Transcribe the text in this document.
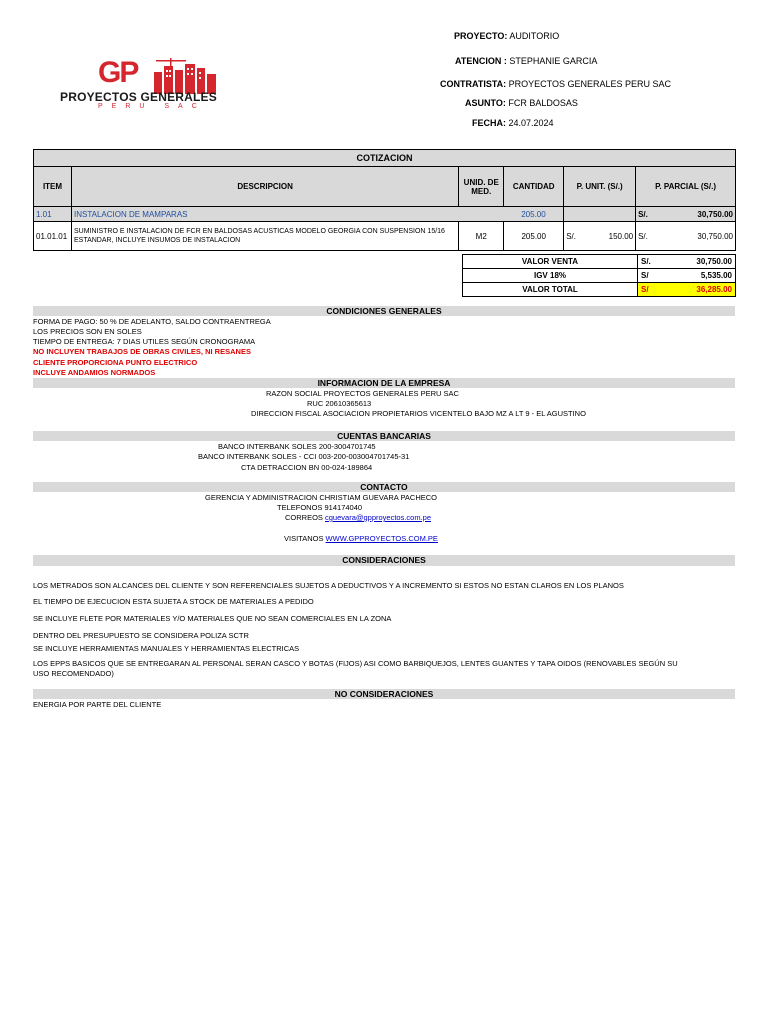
GP
PROYECTOS GENERALES
PERU SAC
PROYECTO: AUDITORIO
ATENCION : STEPHANIE GARCIA
CONTRATISTA: PROYECTOS GENERALES PERU SAC
ASUNTO: FCR BALDOSAS
FECHA: 24.07.2024
COTIZACION					
ITEM	DESCRIPCION	UNID. DE MED.	CANTIDAD	P. UNIT. (S/.)	P. PARCIAL (S/.)
1.01	INSTALACION DE MAMPARAS		205.00		S/. 30,750.00

01.01.01	SUMINISTRO E INSTALACION DE FCR EN BALDOSAS ACUSTICAS MODELO GEORGIA CON SUSPENSION 15/16 ESTANDAR, INCLUYE INSUMOS DE INSTALACION	M2	205.00	S/. 150.00	S/. 30,750.00
VALOR VENTA	S/. 30,750.00

IGV 18%	S/ 5,535.00

VALOR TOTAL	S/ 36,285.00
CONDICIONES GENERALES
FORMA DE PAGO: 50 % DE ADELANTO, SALDO CONTRAENTREGA
LOS PRECIOS SON EN SOLES
TIEMPO DE ENTREGA: 7 DIAS UTILES SEGÚN CRONOGRAMA
NO INCLUYEN TRABAJOS DE OBRAS CIVILES, NI RESANES
CLIENTE PROPORCIONA PUNTO ELECTRICO
INCLUYE ANDAMIOS NORMADOS
INFORMACION DE LA EMPRESA
RAZON SOCIAL PROYECTOS GENERALES PERU SAC
RUC 20610365613
DIRECCION FISCAL ASOCIACION PROPIETARIOS VICENTELO BAJO MZ A LT 9 - EL AGUSTINO
CUENTAS BANCARIAS
BANCO INTERBANK SOLES 200-3004701745
BANCO INTERBANK SOLES - CCI 003-200-003004701745-31
CTA DETRACCION BN 00-024-189864
CONTACTO
GERENCIA Y ADMINISTRACION CHRISTIAM GUEVARA PACHECO
TELEFONOS 914174040
CORREOS cguevara@gpproyectos.com.pe
VISITANOS WWW.GPPROYECTOS.COM.PE
CONSIDERACIONES
LOS METRADOS SON ALCANCES DEL CLIENTE Y SON REFERENCIALES SUJETOS A DEDUCTIVOS Y A INCREMENTO SI ESTOS NO ESTAN CLAROS EN LOS PLANOS
EL TIEMPO DE EJECUCION ESTA SUJETA A STOCK DE MATERIALES A PEDIDO
SE INCLUYE FLETE POR MATERIALES Y/O MATERIALES QUE NO SEAN COMERCIALES EN LA ZONA
DENTRO DEL PRESUPUESTO SE CONSIDERA POLIZA SCTR
SE INCLUYE HERRAMIENTAS MANUALES Y HERRAMIENTAS ELECTRICAS
LOS EPPS BASICOS QUE SE ENTREGARAN AL PERSONAL SERAN CASCO Y BOTAS (FIJOS) ASI COMO BARBIQUEJOS, LENTES GUANTES Y TAPA OIDOS (RENOVABLES SEGÚN SU
USO RECOMENDADO)
NO CONSIDERACIONES
ENERGIA POR PARTE DEL CLIENTE
